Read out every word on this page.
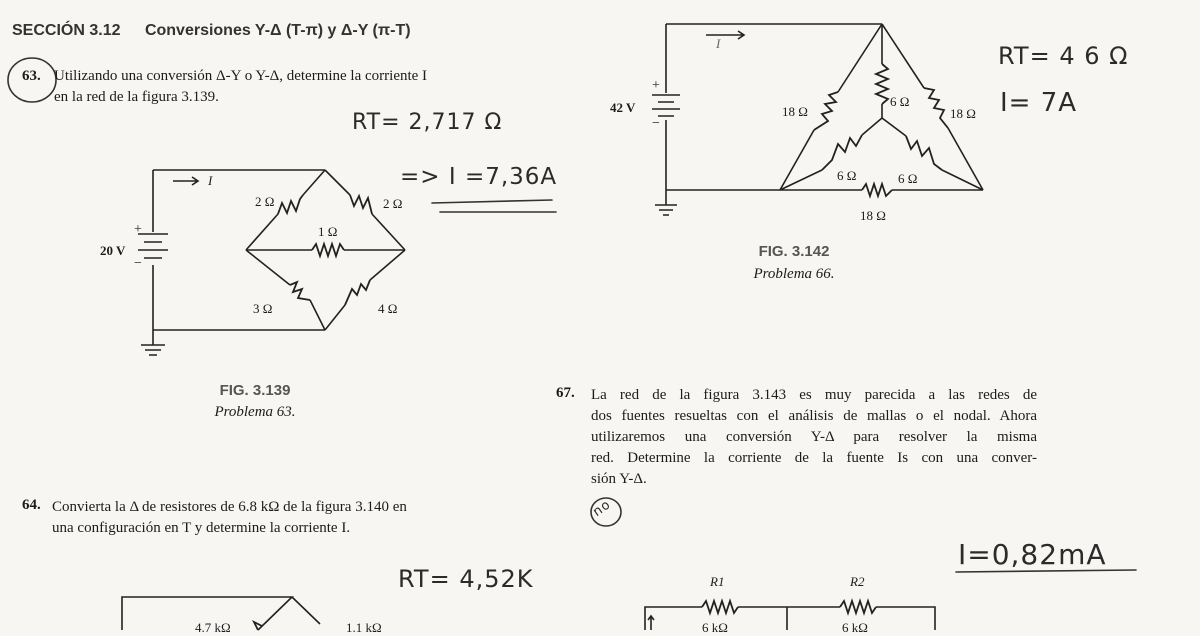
SECCIÓN 3.12 Conversiones Y-Δ (T-π) y Δ-Y (π-T)
63. Utilizando una conversión Δ-Y o Y-Δ, determine la corriente I
en la red de la figura 3.139.
RT= 2,717 Ω
=> I =7,36A
20 V
+
−
I
2 Ω	2 Ω
1 Ω
3 Ω	4 Ω
FIG. 3.139
Problema 63.
64. Convierta la Δ de resistores de 6.8 kΩ de la figura 3.140 en
una configuración en T y determine la corriente I.
RT= 4,52K
4.7 kΩ	1.1 kΩ
42 V
+
−
I
18 Ω
6 Ω
18 Ω
6 Ω	6 Ω
18 Ω
RT= 4 6 Ω
I= 7A
FIG. 3.142
Problema 66.
67. La red de la figura 3.143 es muy parecida a las redes de
dos fuentes resueltas con el análisis de mallas o el nodal. Ahora
utilizaremos una conversión Y-Δ para resolver la misma
red. Determine la corriente de la fuente Is con una conver-
sión Y-Δ.
no
I=0,82mA
R1	R2
6 kΩ	6 kΩ
